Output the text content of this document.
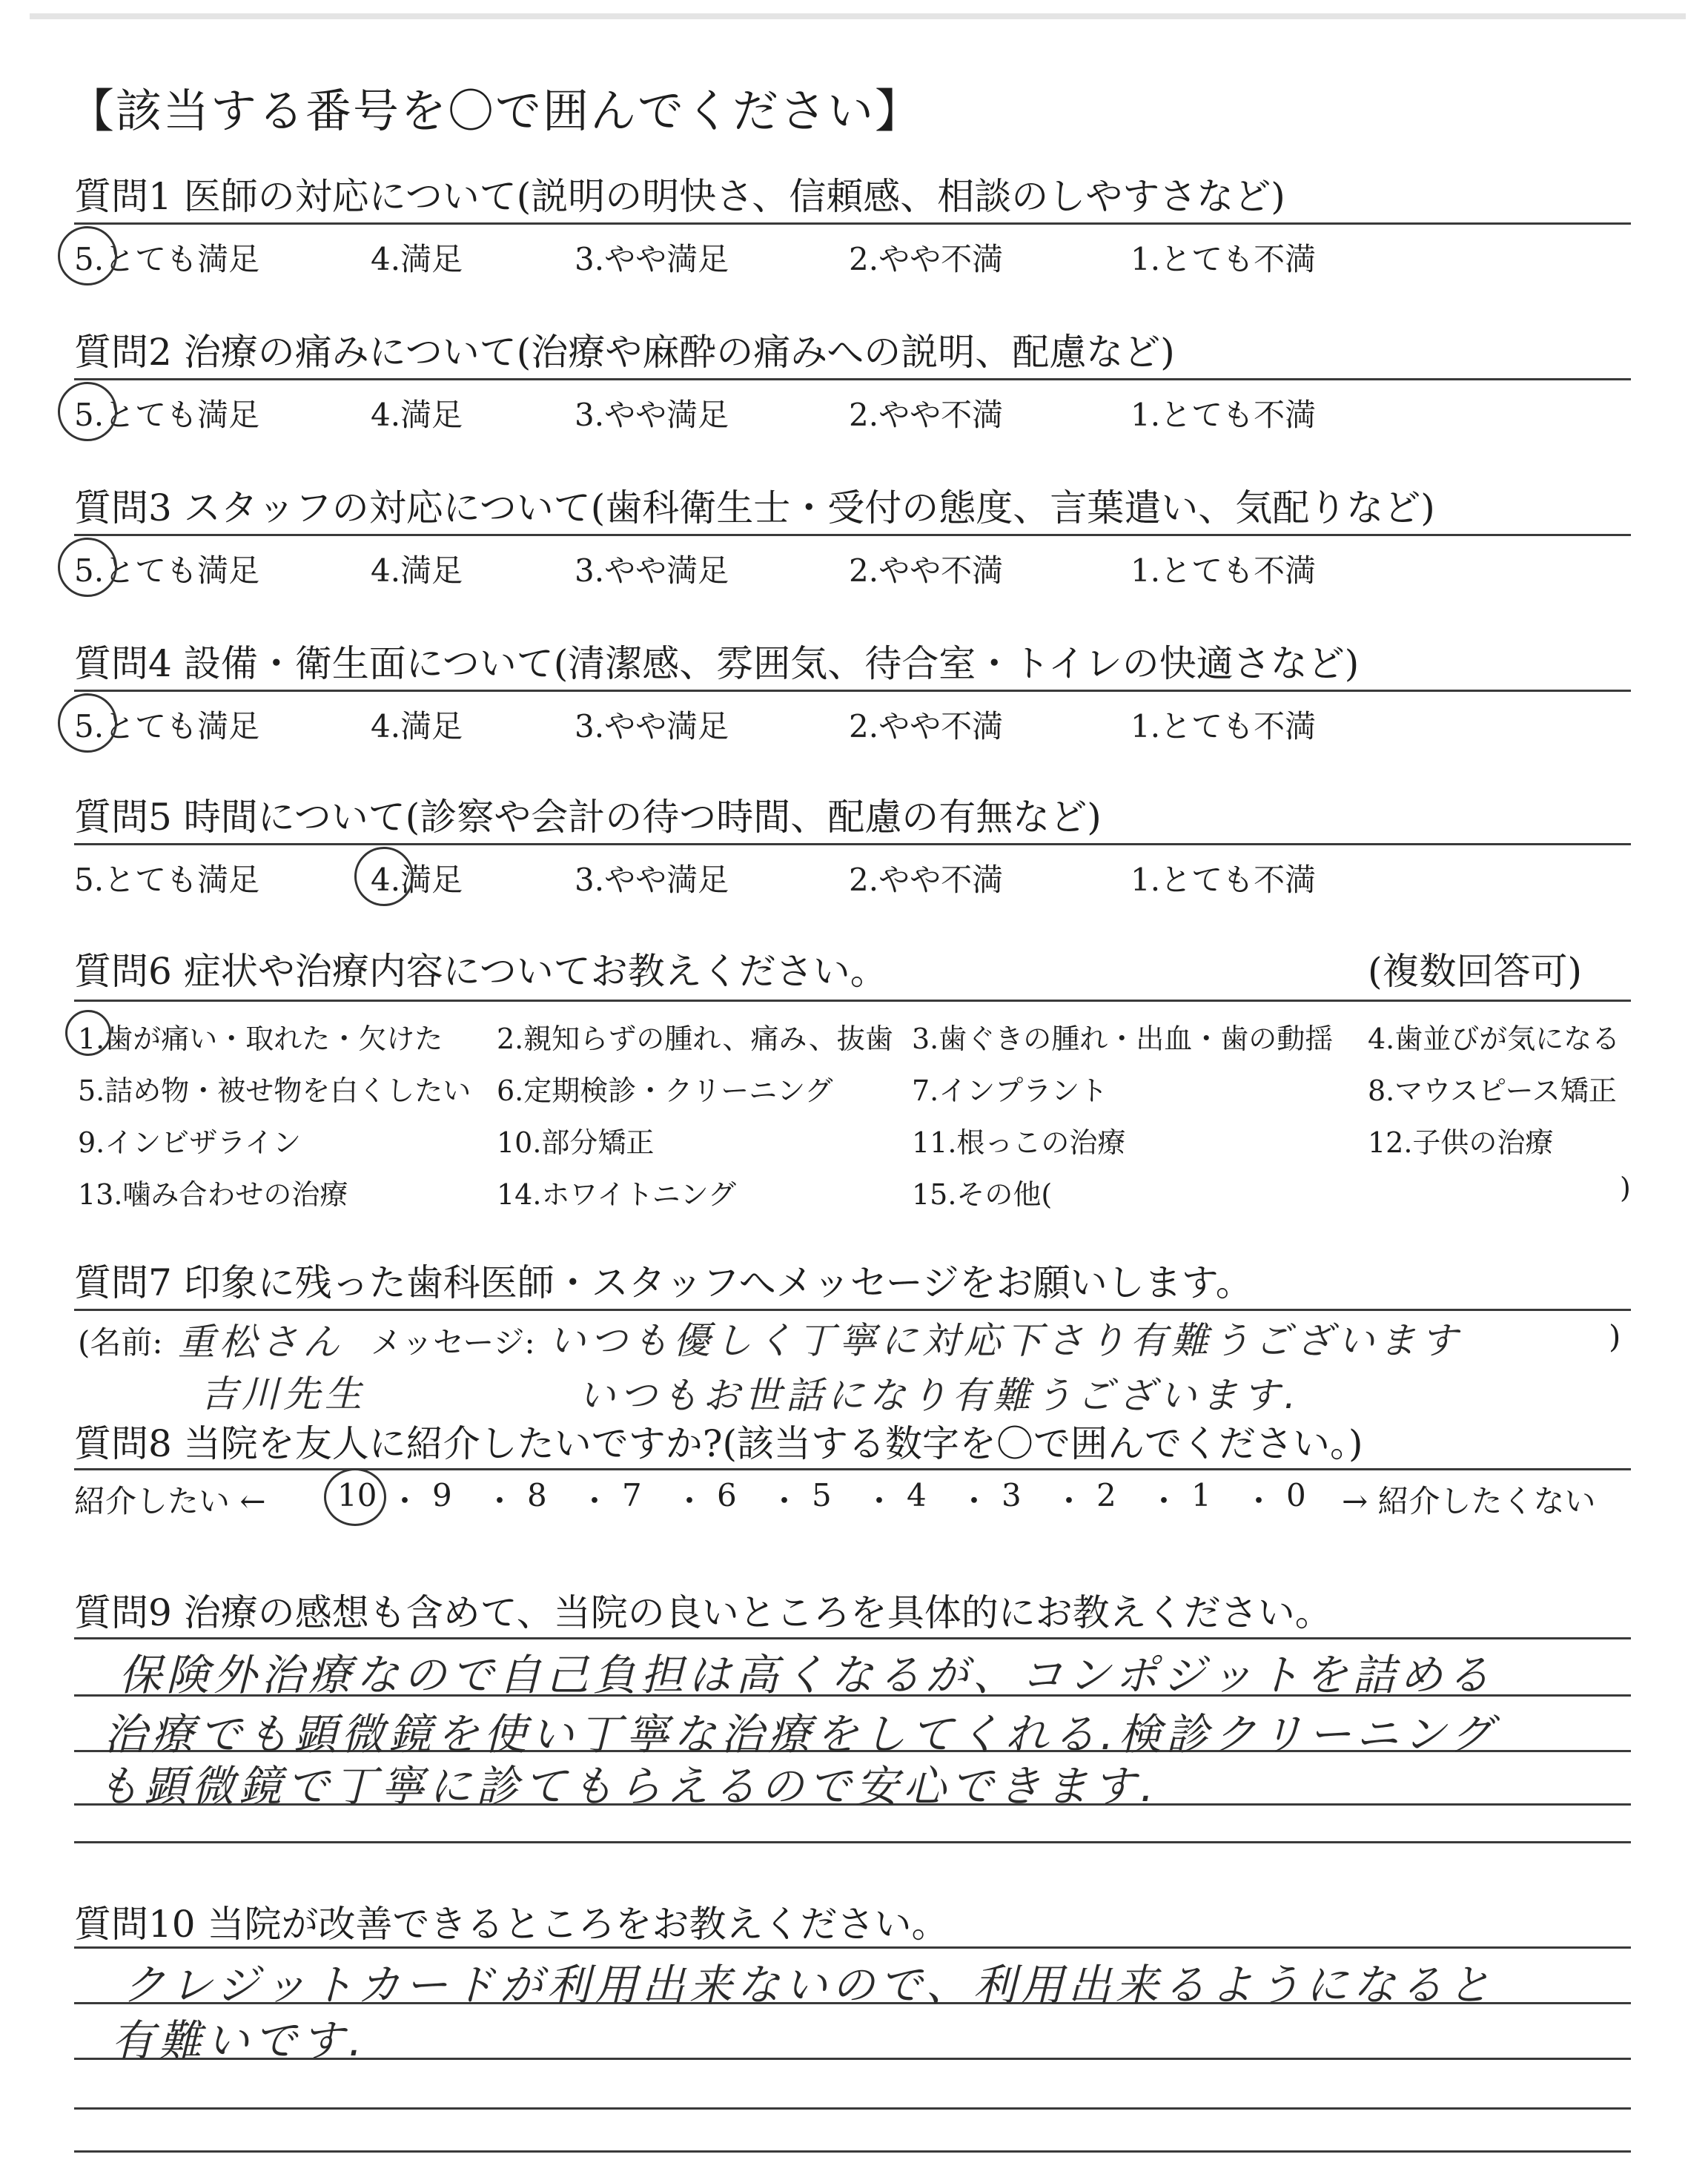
【該当する番号を〇で囲んでください】
質問1 医師の対応について(説明の明快さ、信頼感、相談のしやすさなど)
5.とても満足	4.満足	3.やや満足	2.やや不満	1.とても不満
質問2 治療の痛みについて(治療や麻酔の痛みへの説明、配慮など)
5.とても満足	4.満足	3.やや満足	2.やや不満	1.とても不満
質問3 スタッフの対応について(歯科衛生士・受付の態度、言葉遣い、気配りなど)
5.とても満足	4.満足	3.やや満足	2.やや不満	1.とても不満
質問4 設備・衛生面について(清潔感、雰囲気、待合室・トイレの快適さなど)
5.とても満足	4.満足	3.やや満足	2.やや不満	1.とても不満
質問5 時間について(診察や会計の待つ時間、配慮の有無など)
5.とても満足	4.満足	3.やや満足	2.やや不満	1.とても不満
質問6 症状や治療内容についてお教えください。	(複数回答可)
1.歯が痛い・取れた・欠けた 2.親知らずの腫れ、痛み、抜歯 3.歯ぐきの腫れ・出血・歯の動揺 4.歯並びが気になる
5.詰め物・被せ物を白くしたい 6.定期検診・クリーニング	7.インプラント	8.マウスピース矯正
9.インビザライン	10.部分矯正	11.根っこの治療	12.子供の治療
13.噛み合わせの治療	14.ホワイトニング	15.その他(	)
質問7 印象に残った歯科医師・スタッフへメッセージをお願いします。
(名前: 重松さん メッセージ: いつも優しく丁寧に対応下さり有難うございます	)
吉川先生	いつもお世話になり有難うございます.
質問8 当院を友人に紹介したいですか?(該当する数字を〇で囲んでください。)
紹介したい ←	→ 紹介したくない
10 ・ 9 ・ 8 ・ 7 ・ 6 ・ 5 ・ 4 ・ 3 ・ 2 ・ 1 ・ 0
質問9 治療の感想も含めて、当院の良いところを具体的にお教えください。
保険外治療なので自己負担は高くなるが、コンポジットを詰める
治療でも顕微鏡を使い丁寧な治療をしてくれる.検診クリーニング
も顕微鏡で丁寧に診てもらえるので安心できます.
質問10 当院が改善できるところをお教えください。
クレジットカードが利用出来ないので、利用出来るようになると
有難いです.
